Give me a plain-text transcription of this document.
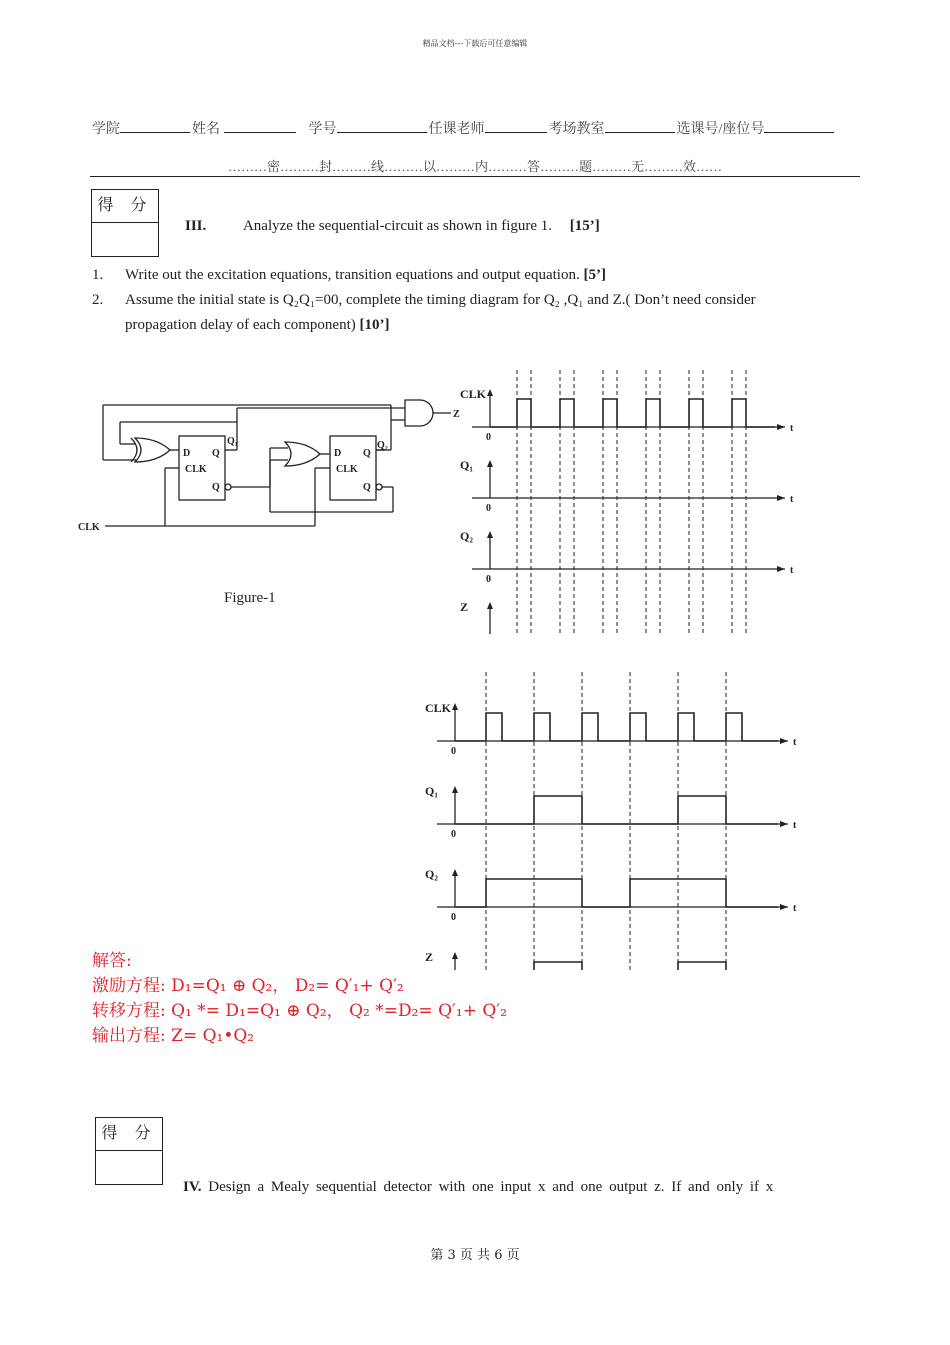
精品文档---下载后可任意编辑
学院	姓名	学号	任课老师	考场教室	选课号/座位号
………密………封………线………以………内………答………题………无………效……
得 分
III. Analyze the sequential-circuit as shown in figure 1. [15’]
1. Write out the excitation equations, transition equations and output equation. [5’]
2. Assume the initial state is Q₂Q₁=00, complete the timing diagram for Q₂ ,Q₁ and Z.( Don’t need consider
propagation delay of each component) [10’]
D Q
CLK
Q
Q₁
D Q
CLK
Q
Q₂
Z
CLK
Figure-1
CLK
0
t
Q₁
0
t
Q₂
0
t
Z
CLK
0
t
Q₁
0
t
Q₂
0
t
Z
解答:
激励方程: D₁=Q₁ ⊕ Q₂， D₂= Q′₁+ Q′₂
转移方程: Q₁ *= D₁=Q₁ ⊕ Q₂， Q₂ *=D₂= Q′₁+ Q′₂
输出方程: Z= Q₁•Q₂
得 分
IV. Design a Mealy sequential detector with one input x and one output z. If and only if x
第 3 页 共 6 页
